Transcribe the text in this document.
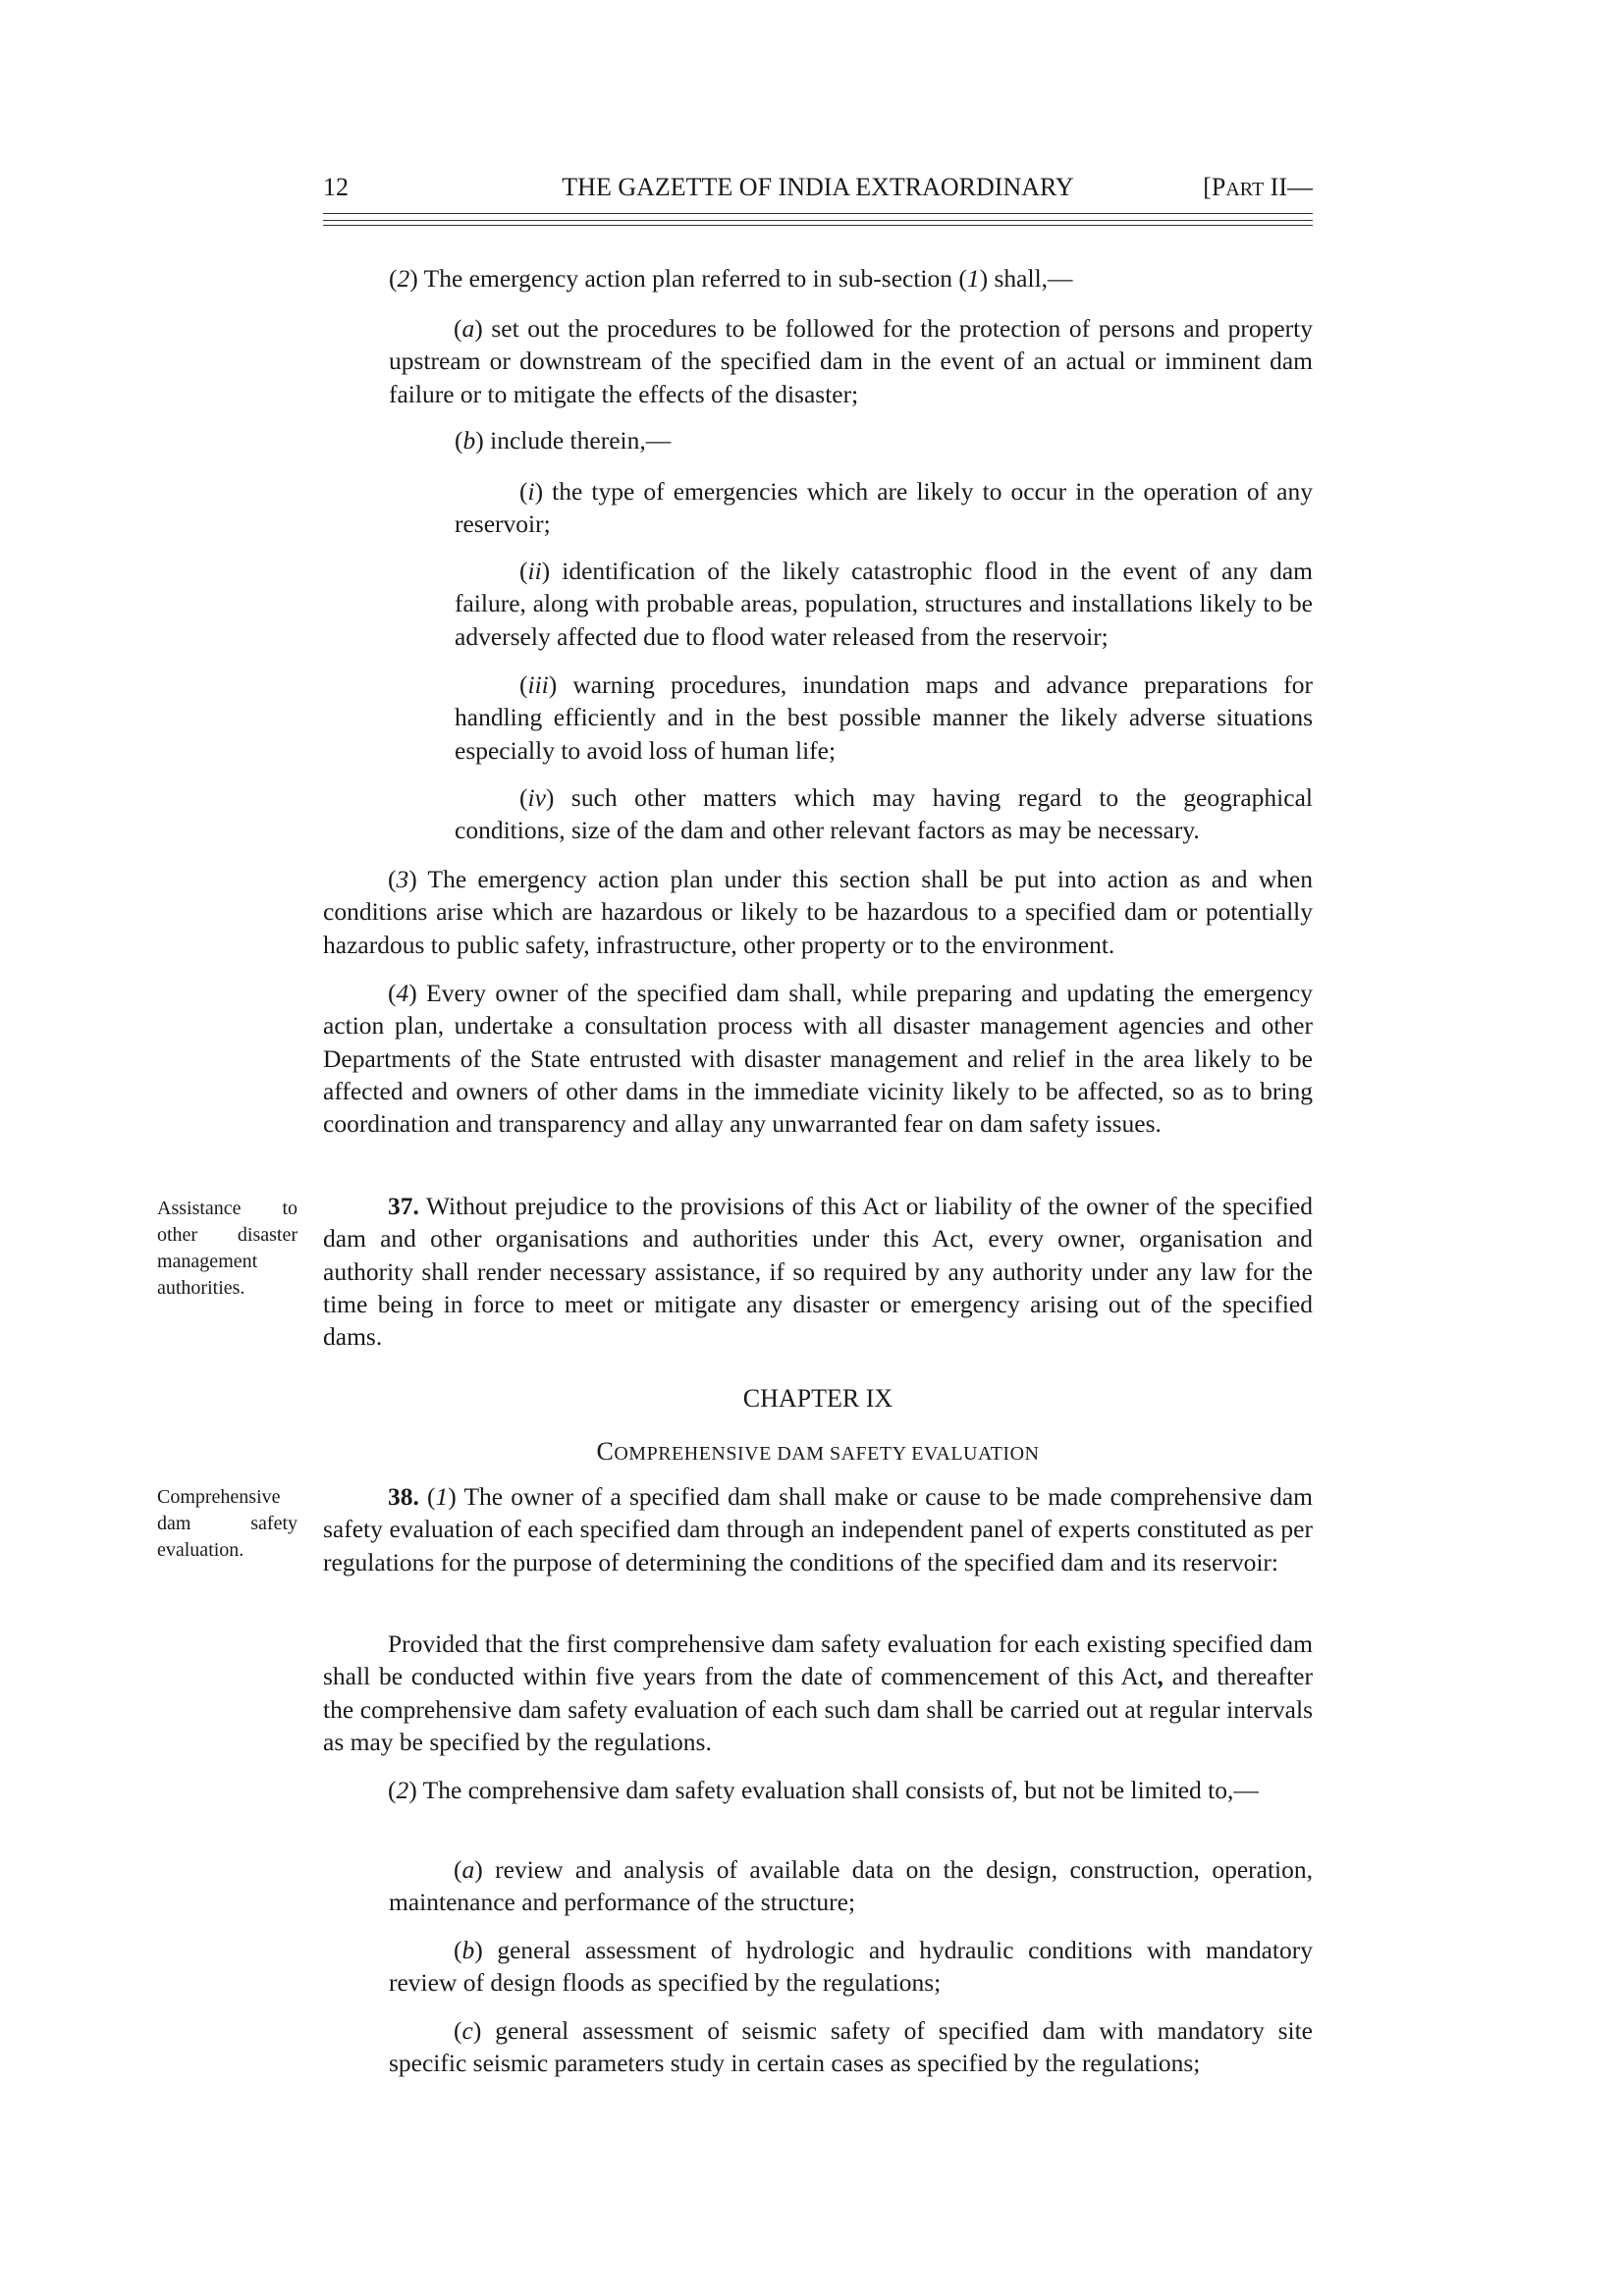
12	THE GAZETTE OF INDIA EXTRAORDINARY	[PART II—

(2) The emergency action plan referred to in sub-section (1) shall,—

(a) set out the procedures to be followed for the protection of persons and property upstream or downstream of the specified dam in the event of an actual or imminent dam failure or to mitigate the effects of the disaster;

(b) include therein,—

(i) the type of emergencies which are likely to occur in the operation of any reservoir;

(ii) identification of the likely catastrophic flood in the event of any dam failure, along with probable areas, population, structures and installations likely to be adversely affected due to flood water released from the reservoir;

(iii) warning procedures, inundation maps and advance preparations for handling efficiently and in the best possible manner the likely adverse situations especially to avoid loss of human life;

(iv) such other matters which may having regard to the geographical conditions, size of the dam and other relevant factors as may be necessary.

(3) The emergency action plan under this section shall be put into action as and when conditions arise which are hazardous or likely to be hazardous to a specified dam or potentially hazardous to public safety, infrastructure, other property or to the environment.

(4) Every owner of the specified dam shall, while preparing and updating the emergency action plan, undertake a consultation process with all disaster management agencies and other Departments of the State entrusted with disaster management and relief in the area likely to be affected and owners of other dams in the immediate vicinity likely to be affected, so as to bring coordination and transparency and allay any unwarranted fear on dam safety issues.

Assistance to other disaster management authorities.

37. Without prejudice to the provisions of this Act or liability of the owner of the specified dam and other organisations and authorities under this Act, every owner, organisation and authority shall render necessary assistance, if so required by any authority under any law for the time being in force to meet or mitigate any disaster or emergency arising out of the specified dams.

CHAPTER IX
COMPREHENSIVE DAM SAFETY EVALUATION

Comprehensive dam safety evaluation.

38. (1) The owner of a specified dam shall make or cause to be made comprehensive dam safety evaluation of each specified dam through an independent panel of experts constituted as per regulations for the purpose of determining the conditions of the specified dam and its reservoir:

Provided that the first comprehensive dam safety evaluation for each existing specified dam shall be conducted within five years from the date of commencement of this Act, and thereafter the comprehensive dam safety evaluation of each such dam shall be carried out at regular intervals as may be specified by the regulations.

(2) The comprehensive dam safety evaluation shall consists of, but not be limited to,—

(a) review and analysis of available data on the design, construction, operation, maintenance and performance of the structure;

(b) general assessment of hydrologic and hydraulic conditions with mandatory review of design floods as specified by the regulations;

(c) general assessment of seismic safety of specified dam with mandatory site specific seismic parameters study in certain cases as specified by the regulations;
